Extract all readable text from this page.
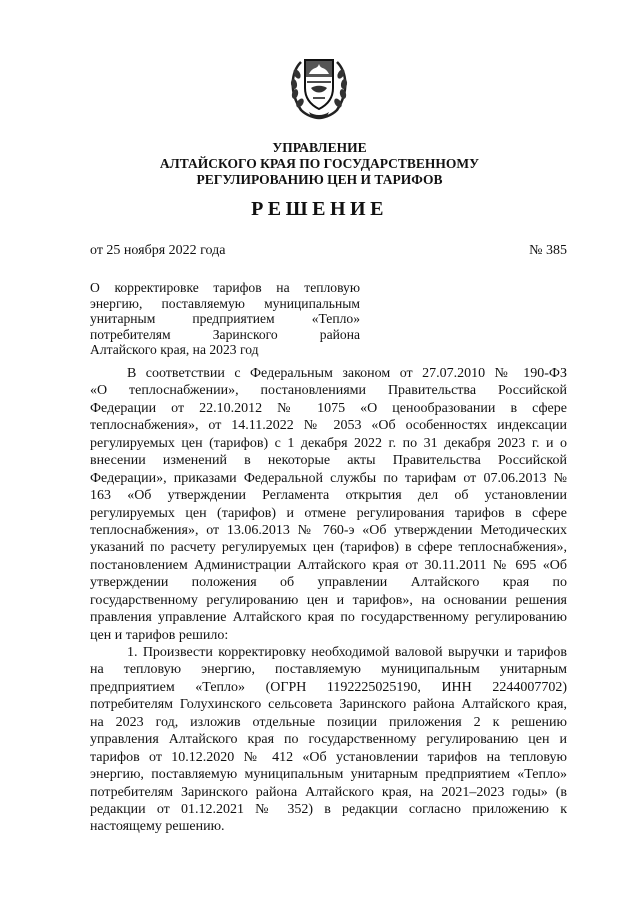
УПРАВЛЕНИЕ
АЛТАЙСКОГО КРАЯ ПО ГОСУДАРСТВЕННОМУ
РЕГУЛИРОВАНИЮ ЦЕН И ТАРИФОВ
РЕШЕНИЕ
от 25 ноября 2022 года	№ 385
О корректировке тарифов на тепловую
энергию, поставляемую муниципальным
унитарным предприятием «Тепло»
потребителям Заринского района
Алтайского края, на 2023 год
В соответствии с Федеральным законом от 27.07.2010 № 190-ФЗ
«О теплоснабжении», постановлениями Правительства Российской
Федерации от 22.10.2012 № 1075 «О ценообразовании в сфере
теплоснабжения», от 14.11.2022 № 2053 «Об особенностях индексации
регулируемых цен (тарифов) с 1 декабря 2022 г. по 31 декабря 2023 г. и о
внесении изменений в некоторые акты Правительства Российской
Федерации», приказами Федеральной службы по тарифам от 07.06.2013 №
163 «Об утверждении Регламента открытия дел об установлении
регулируемых цен (тарифов) и отмене регулирования тарифов в сфере
теплоснабжения», от 13.06.2013 № 760-э «Об утверждении Методических
указаний по расчету регулируемых цен (тарифов) в сфере теплоснабжения»,
постановлением Администрации Алтайского края от 30.11.2011 № 695 «Об
утверждении положения об управлении Алтайского края по
государственному регулированию цен и тарифов», на основании решения
правления управление Алтайского края по государственному регулированию
цен и тарифов решило:
1. Произвести корректировку необходимой валовой выручки и тарифов
на тепловую энергию, поставляемую муниципальным унитарным
предприятием «Тепло» (ОГРН 1192225025190, ИНН 2244007702)
потребителям Голухинского сельсовета Заринского района Алтайского края,
на 2023 год, изложив отдельные позиции приложения 2 к решению
управления Алтайского края по государственному регулированию цен и
тарифов от 10.12.2020 № 412 «Об установлении тарифов на тепловую
энергию, поставляемую муниципальным унитарным предприятием «Тепло»
потребителям Заринского района Алтайского края, на 2021–2023 годы» (в
редакции от 01.12.2021 № 352) в редакции согласно приложению к
настоящему решению.
